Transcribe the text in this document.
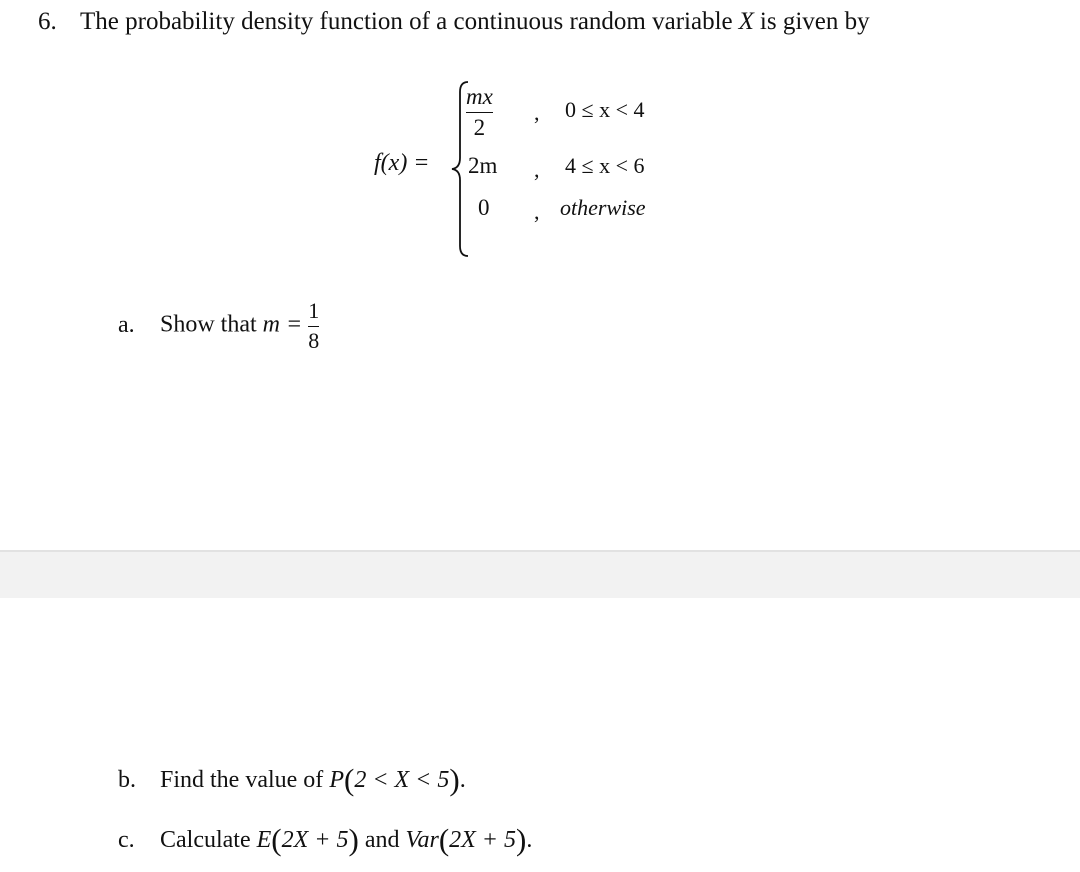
6. The probability density function of a continuous random variable X is given by
f(x) =
$\frac{mx}{2}$ , 0 ≤ x < 4
2m , 4 ≤ x < 6
0 , otherwise
a. Show that $m = \frac{1}{8}$
b. Find the value of P(2 < X < 5).
c. Calculate E(2X + 5) and Var(2X + 5).
